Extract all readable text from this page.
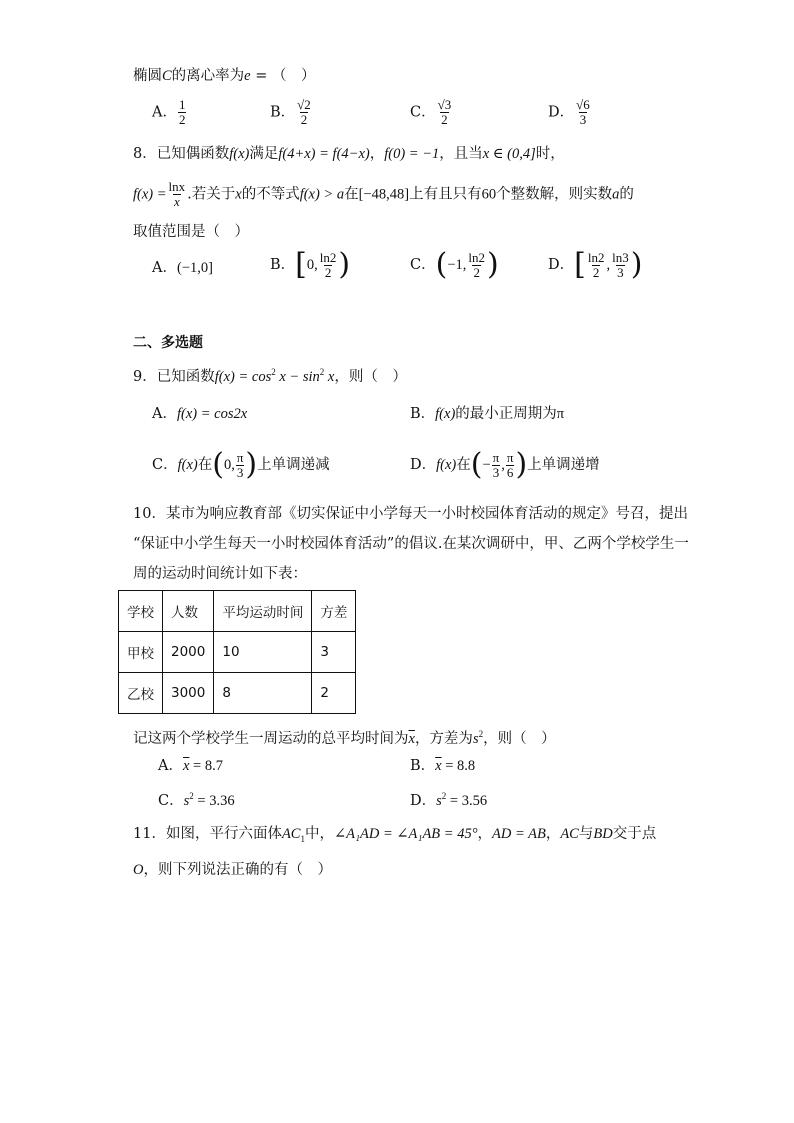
椭圆C的离心率为e = （　）
A． $\frac{1}{2}$	B． $\frac{√2}{2}$	C． $\frac{√3}{2}$	D． $\frac{√6}{3}$
8．已知偶函数f(x)满足f(4+x) = f(4−x)，f(0) = −1，且当x ∈ (0,4]时，
$f(x) = \frac{\ln x}{x}$ .若关于x的不等式f(x) > a在[−48,48]上有且只有60个整数解，则实数a的
取值范围是（　）
A．(−1,0]	B．[0, $\frac{\ln 2}{2}$ )	C．(−1, $\frac{\ln 2}{2}$ )	D．[ $\frac{\ln 2}{2}$ , $\frac{\ln 3}{3}$ )
二、多选题
9．已知函数$f(x) = \cos^2 x - \sin^2 x$，则（　）
A．f(x) = cos2x	B．f(x)的最小正周期为π
C．f(x)在(0, $\frac{\pi}{3}$ )上单调递减	D．f(x)在(− $\frac{\pi}{3}$ , $\frac{\pi}{6}$ )上单调递增
10．某市为响应教育部《切实保证中小学每天一小时校园体育活动的规定》号召，提出
“保证中小学生每天一小时校园体育活动”的倡议.在某次调研中，甲、乙两个学校学生一
周的运动时间统计如下表：
学校	人数	平均运动时间	方差
甲校	2000	10	3
乙校	3000	8	2
记这两个学校学生一周运动的总平均时间为$\overline{x}$，方差为$s^2$，则（　）
A．$\overline{x} = 8.7$	B．$\overline{x} = 8.8$
C．$s^2 = 3.36$	D．$s^2 = 3.56$
11．如图，平行六面体$AC_1$中，∠A₁AD = ∠A₁AB = 45°，AD = AB，AC与BD交于点
O，则下列说法正确的有（　）
